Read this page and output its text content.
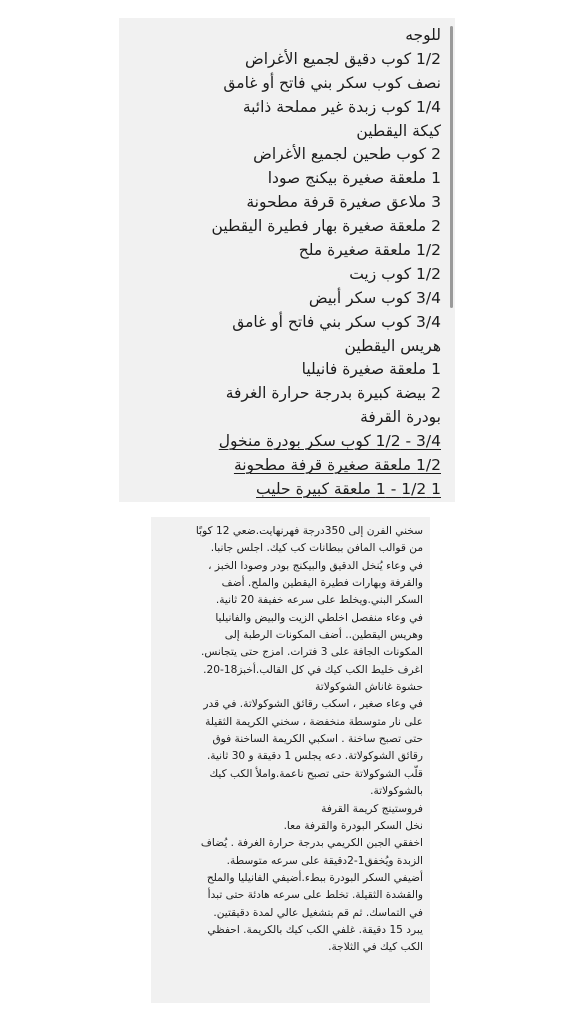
للوجه
1/2 كوب دقيق لجميع الأغراض
نصف كوب سكر بني فاتح أو غامق
1/4 كوب زبدة غير مملحة ذائبة
كيكة اليقطين
2 كوب طحين لجميع الأغراض
1 ملعقة صغيرة بيكنج صودا
3 ملاعق صغيرة قرفة مطحونة
2 ملعقة صغيرة بهار فطيرة اليقطين
1/2 ملعقة صغيرة ملح
1/2 كوب زيت
3/4 كوب سكر أبيض
3/4 كوب سكر بني فاتح أو غامق
هريس اليقطين
1 ملعقة صغيرة فانيليا
2 بيضة كبيرة بدرجة حرارة الغرفة
بودرة القرفة
3/4 - 1/2 كوب سكر بودرة منخول
1/2 ملعقة صغيرة قرفة مطحونة
1 1/2 - 1 ملعقة كبيرة حليب
سخني الفرن إلى 350درجة فهرنهايت.ضعي 12 كوبًا
من قوالب المافن ببطانات كب كيك. اجلس جانبا.
في وعاء يُنخل الدقيق والبيكنج بودر وصودا الخبز ،
والقرفة وبهارات فطيرة اليقطين والملح. أضف
السكر البني.ويخلط على سرعه خفيفة 20 ثانية.
في وعاء منفصل اخلطي الزيت والبيض والفانيليا
وهريس اليقطين.. أضف المكونات الرطبة إلى
المكونات الجافة على 3 فترات. امزج حتى يتجانس.
اغرف خليط الكب كيك في كل القالب.أخبز18-20.
حشوة غاناش الشوكولاتة
في وعاء صغير ، اسكب رقائق الشوكولاتة. في قدر
على نار متوسطة منخفضة ، سخني الكريمة الثقيلة
حتى تصبح ساخنة . اسكبي الكريمة الساخنة فوق
رقائق الشوكولاتة. دعه يجلس 1 دقيقة و 30 ثانية.
قلّب الشوكولاتة حتى تصبح ناعمة.واملأ الكب كيك
بالشوكولاتة.
فروستينج كريمة القرفة
نخل السكر البودرة والقرفة معا.
اخفقي الجبن الكريمي بدرجة حرارة الغرفة . يُضاف
الزبدة ويُخفق1-2دقيقة على سرعه متوسطة.
أضيفي السكر البودرة ببطء.أضيفي الفانيليا والملح
والقشدة الثقيلة. تخلط على سرعه هادئة حتى تبدأ
في التماسك. ثم قم بتشغيل عالي لمدة دقيقتين.
يبرد 15 دقيقة. غلفي الكب كيك بالكريمة. احفظي
الكب كيك في الثلاجة.
